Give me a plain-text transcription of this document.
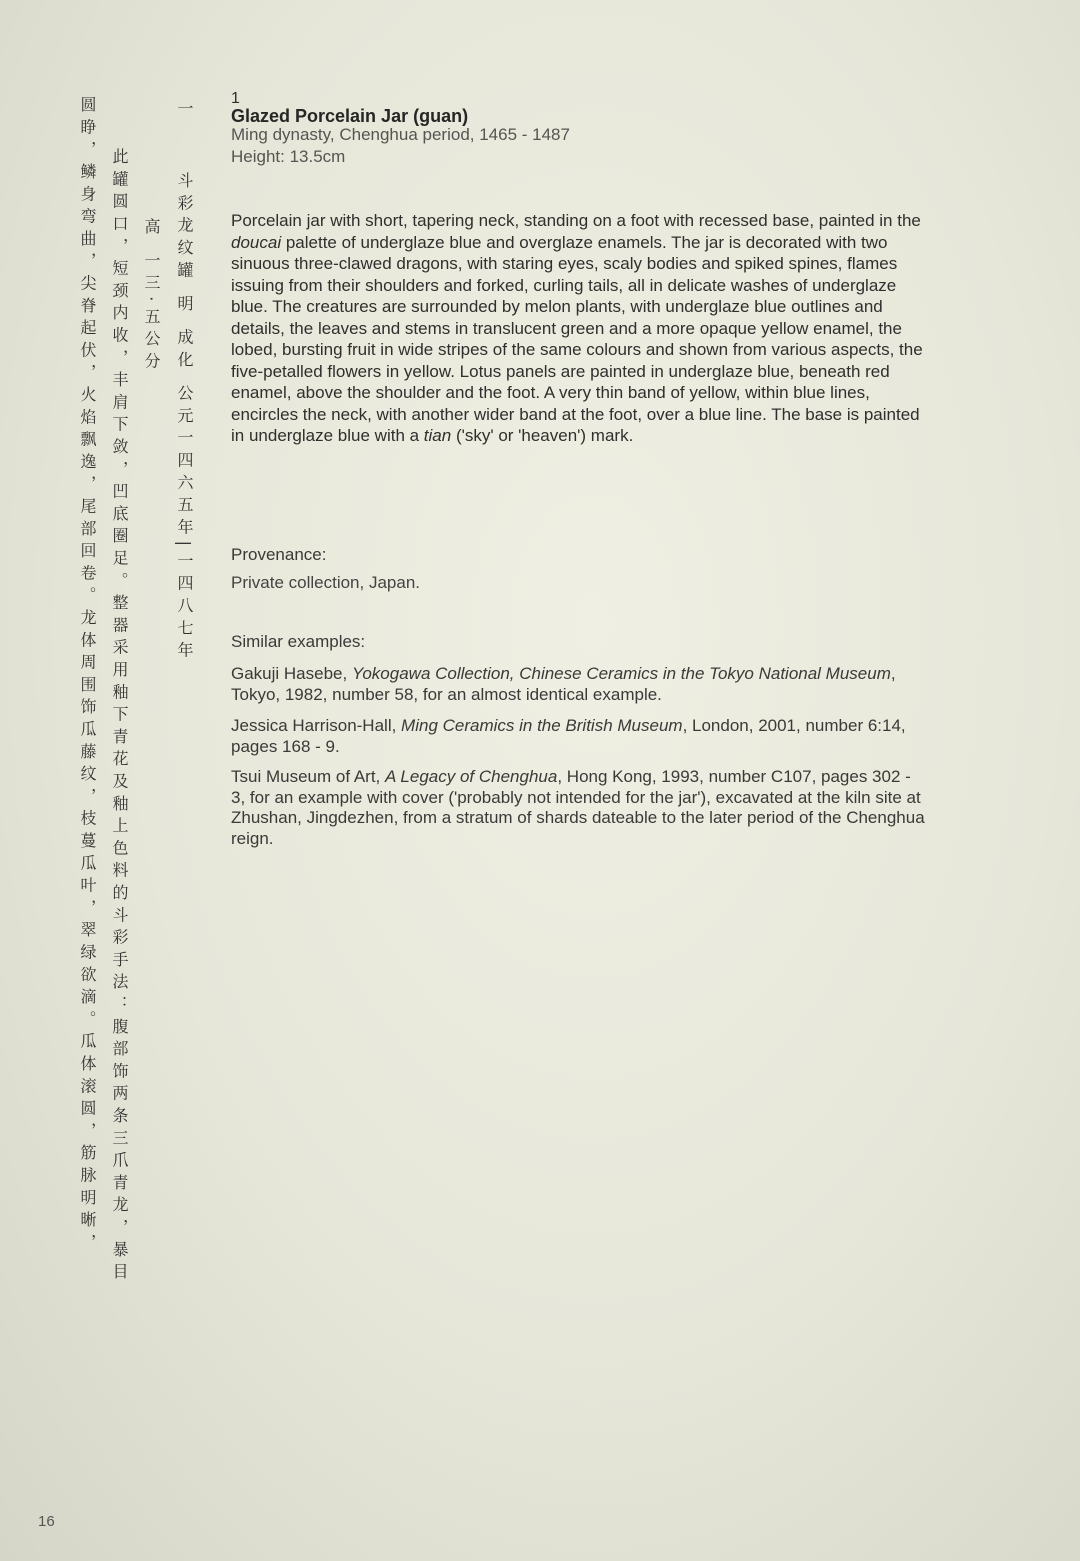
一
斗彩龙纹罐 明 成化 公元一四六五年|一四八七年
高 一三·五公分
此罐圆口，短颈内收，丰肩下敛，凹底圈足。整器采用釉下青花及釉上色料的斗彩手法：腹部饰两条三爪青龙，暴目
圆睁，鳞身弯曲，尖脊起伏，火焰飘逸，尾部回卷。龙体周围饰瓜藤纹，枝蔓瓜叶，翠绿欲滴。瓜体滚圆，筋脉明晰，	1
Glazed Porcelain Jar (guan)
Ming dynasty, Chenghua period, 1465 - 1487
Height: 13.5cm
Porcelain jar with short, tapering neck, standing on a foot with recessed base, painted in the doucai palette of underglaze blue and overglaze enamels. The jar is decorated with two sinuous three-clawed dragons, with staring eyes, scaly bodies and spiked spines, flames issuing from their shoulders and forked, curling tails, all in delicate washes of underglaze blue. The creatures are surrounded by melon plants, with underglaze blue outlines and details, the leaves and stems in translucent green and a more opaque yellow enamel, the lobed, bursting fruit in wide stripes of the same colours and shown from various aspects, the five-petalled flowers in yellow. Lotus panels are painted in underglaze blue, beneath red enamel, above the shoulder and the foot. A very thin band of yellow, within blue lines, encircles the neck, with another wider band at the foot, over a blue line. The base is painted in underglaze blue with a tian ('sky' or 'heaven') mark.
Provenance:
Private collection, Japan.
Similar examples:
Gakuji Hasebe, Yokogawa Collection, Chinese Ceramics in the Tokyo National Museum, Tokyo, 1982, number 58, for an almost identical example.
Jessica Harrison-Hall, Ming Ceramics in the British Museum, London, 2001, number 6:14, pages 168 - 9.
Tsui Museum of Art, A Legacy of Chenghua, Hong Kong, 1993, number C107, pages 302 - 3, for an example with cover ('probably not intended for the jar'), excavated at the kiln site at Zhushan, Jingdezhen, from a stratum of shards dateable to the later period of the Chenghua reign.
16
